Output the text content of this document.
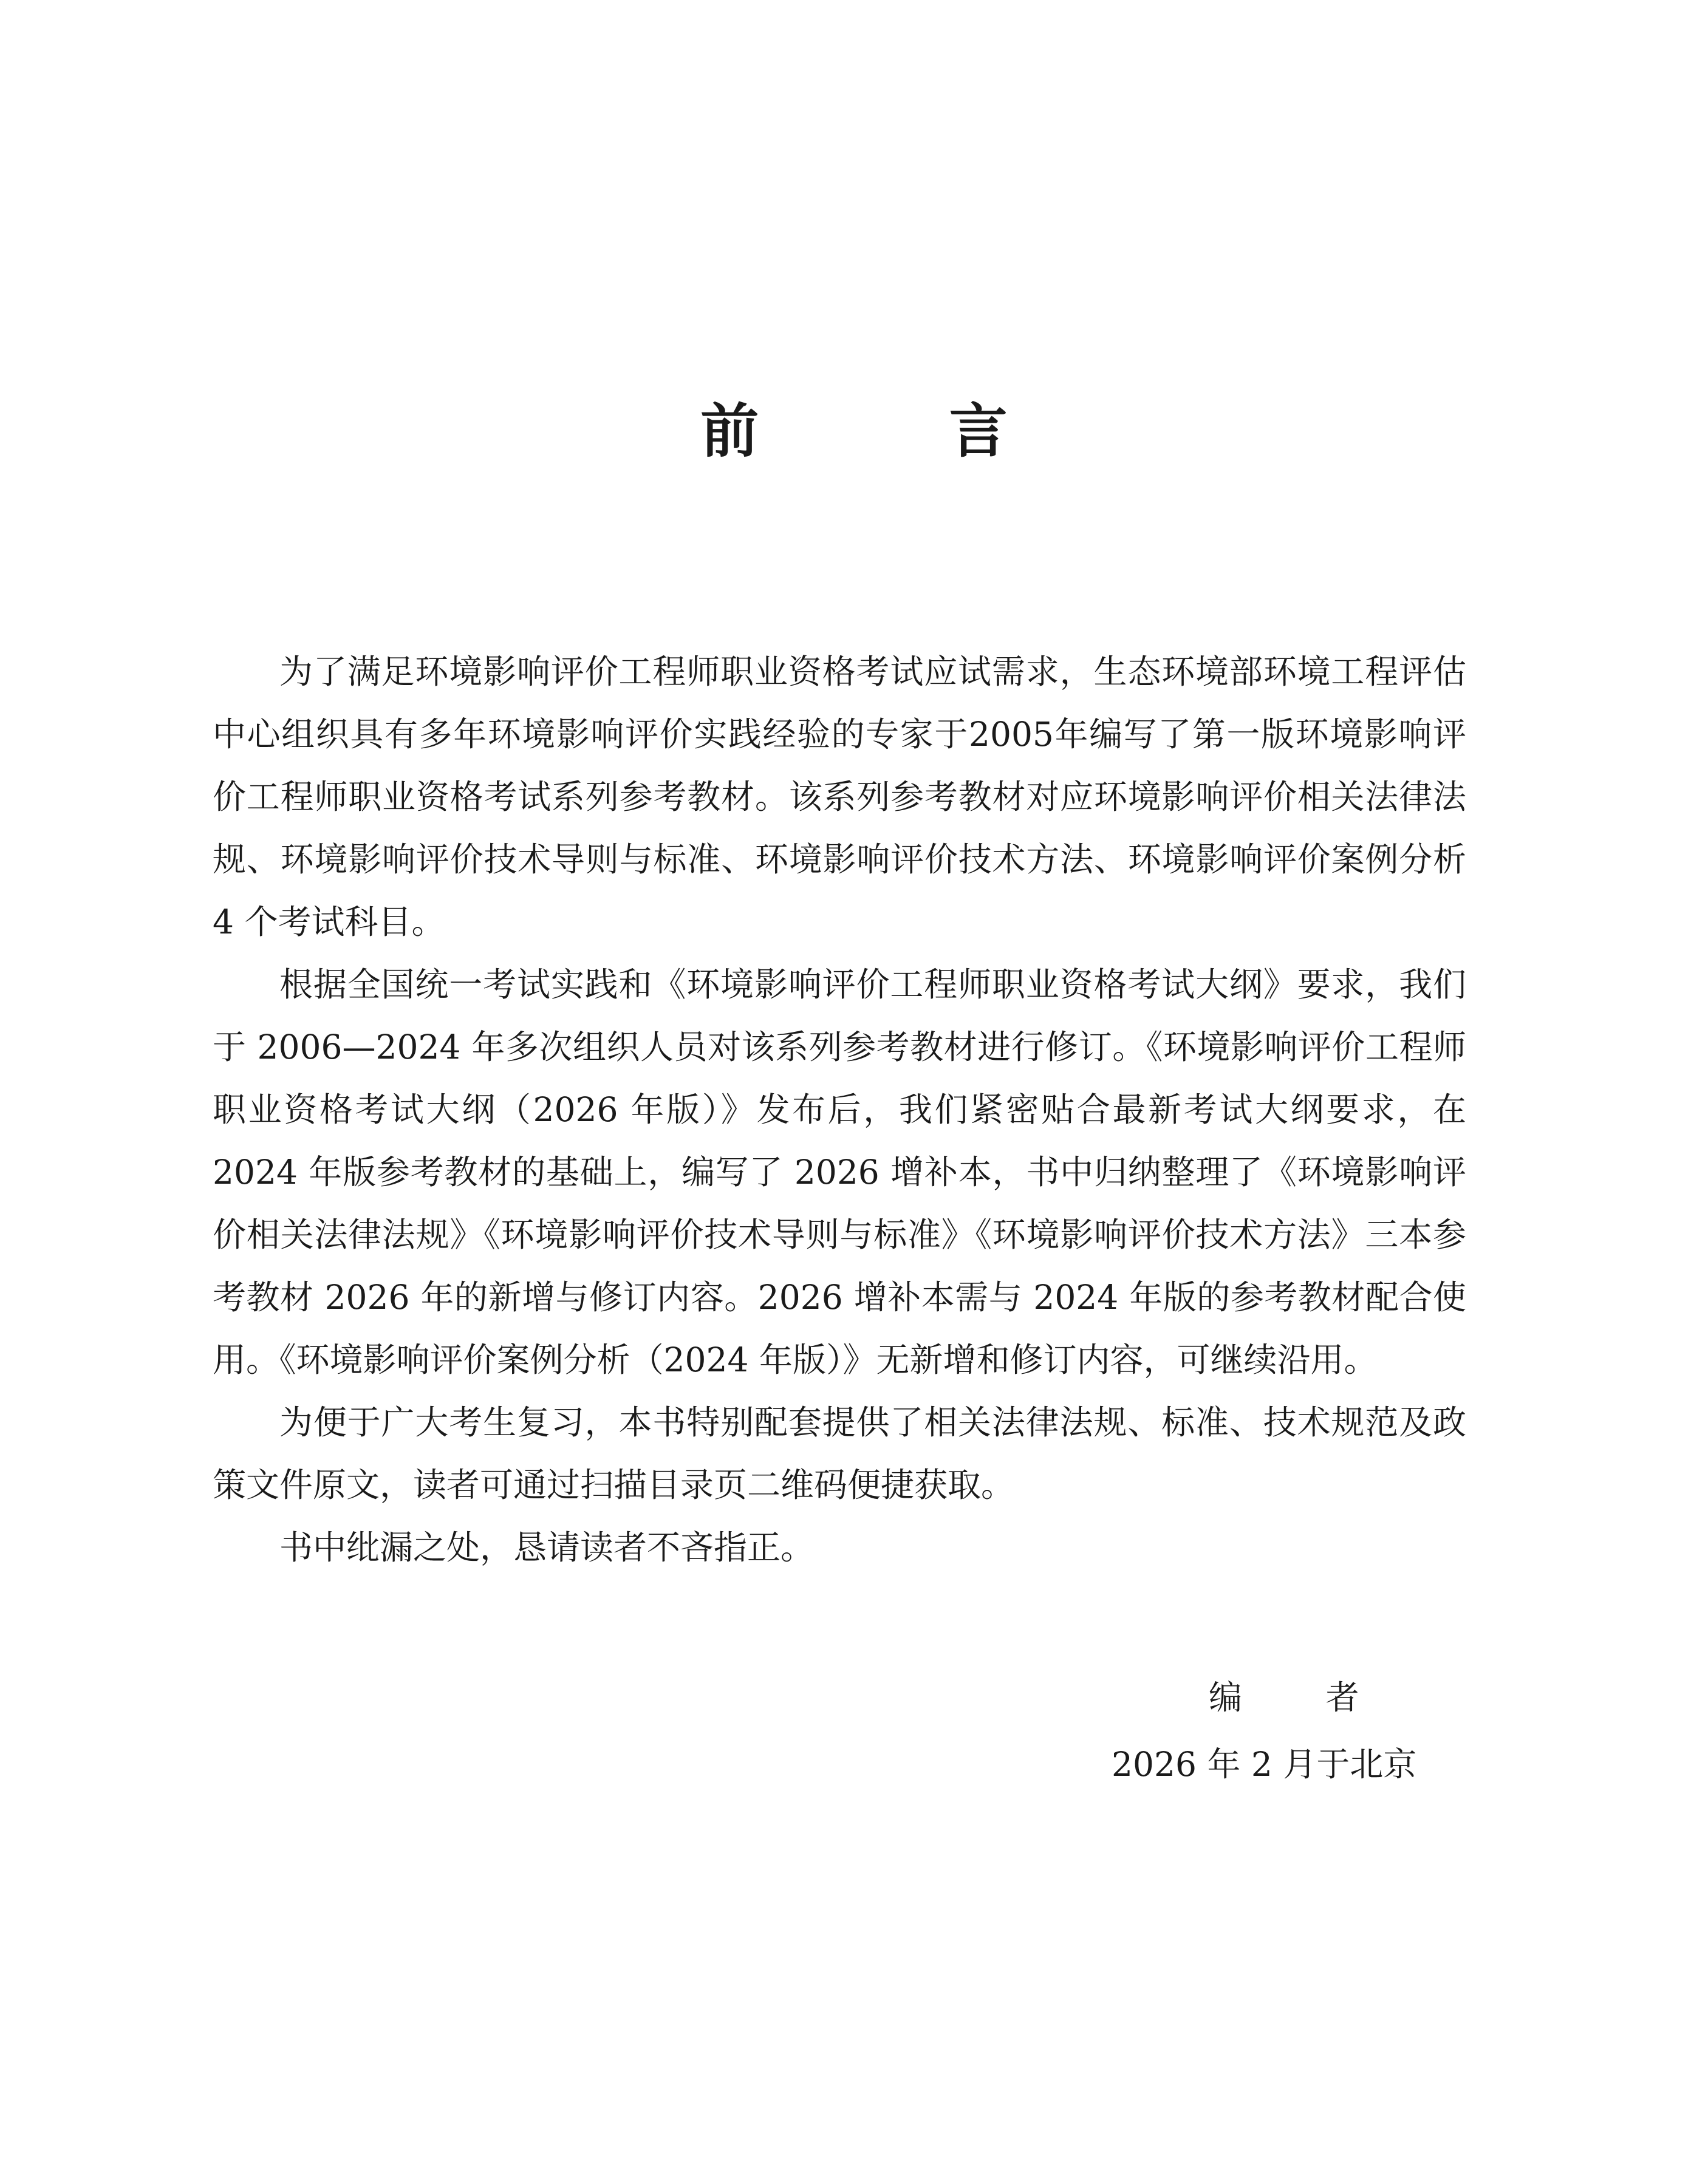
前 言

为了满足环境影响评价工程师职业资格考试应试需求，生态环境部环境工程评估中心组织具有多年环境影响评价实践经验的专家于2005年编写了第一版环境影响评价工程师职业资格考试系列参考教材。该系列参考教材对应环境影响评价相关法律法规、环境影响评价技术导则与标准、环境影响评价技术方法、环境影响评价案例分析 4 个考试科目。

根据全国统一考试实践和《环境影响评价工程师职业资格考试大纲》要求，我们于 2006—2024 年多次组织人员对该系列参考教材进行修订。《环境影响评价工程师职业资格考试大纲（2026 年版）》发布后，我们紧密贴合最新考试大纲要求，在 2024 年版参考教材的基础上，编写了 2026 增补本，书中归纳整理了《环境影响评价相关法律法规》《环境影响评价技术导则与标准》《环境影响评价技术方法》三本参考教材 2026 年的新增与修订内容。2026 增补本需与 2024 年版的参考教材配合使用。《环境影响评价案例分析（2024 年版）》无新增和修订内容，可继续沿用。

为便于广大考生复习，本书特别配套提供了相关法律法规、标准、技术规范及政策文件原文，读者可通过扫描目录页二维码便捷获取。

书中纰漏之处，恳请读者不吝指正。

编 者
2026 年 2 月于北京
